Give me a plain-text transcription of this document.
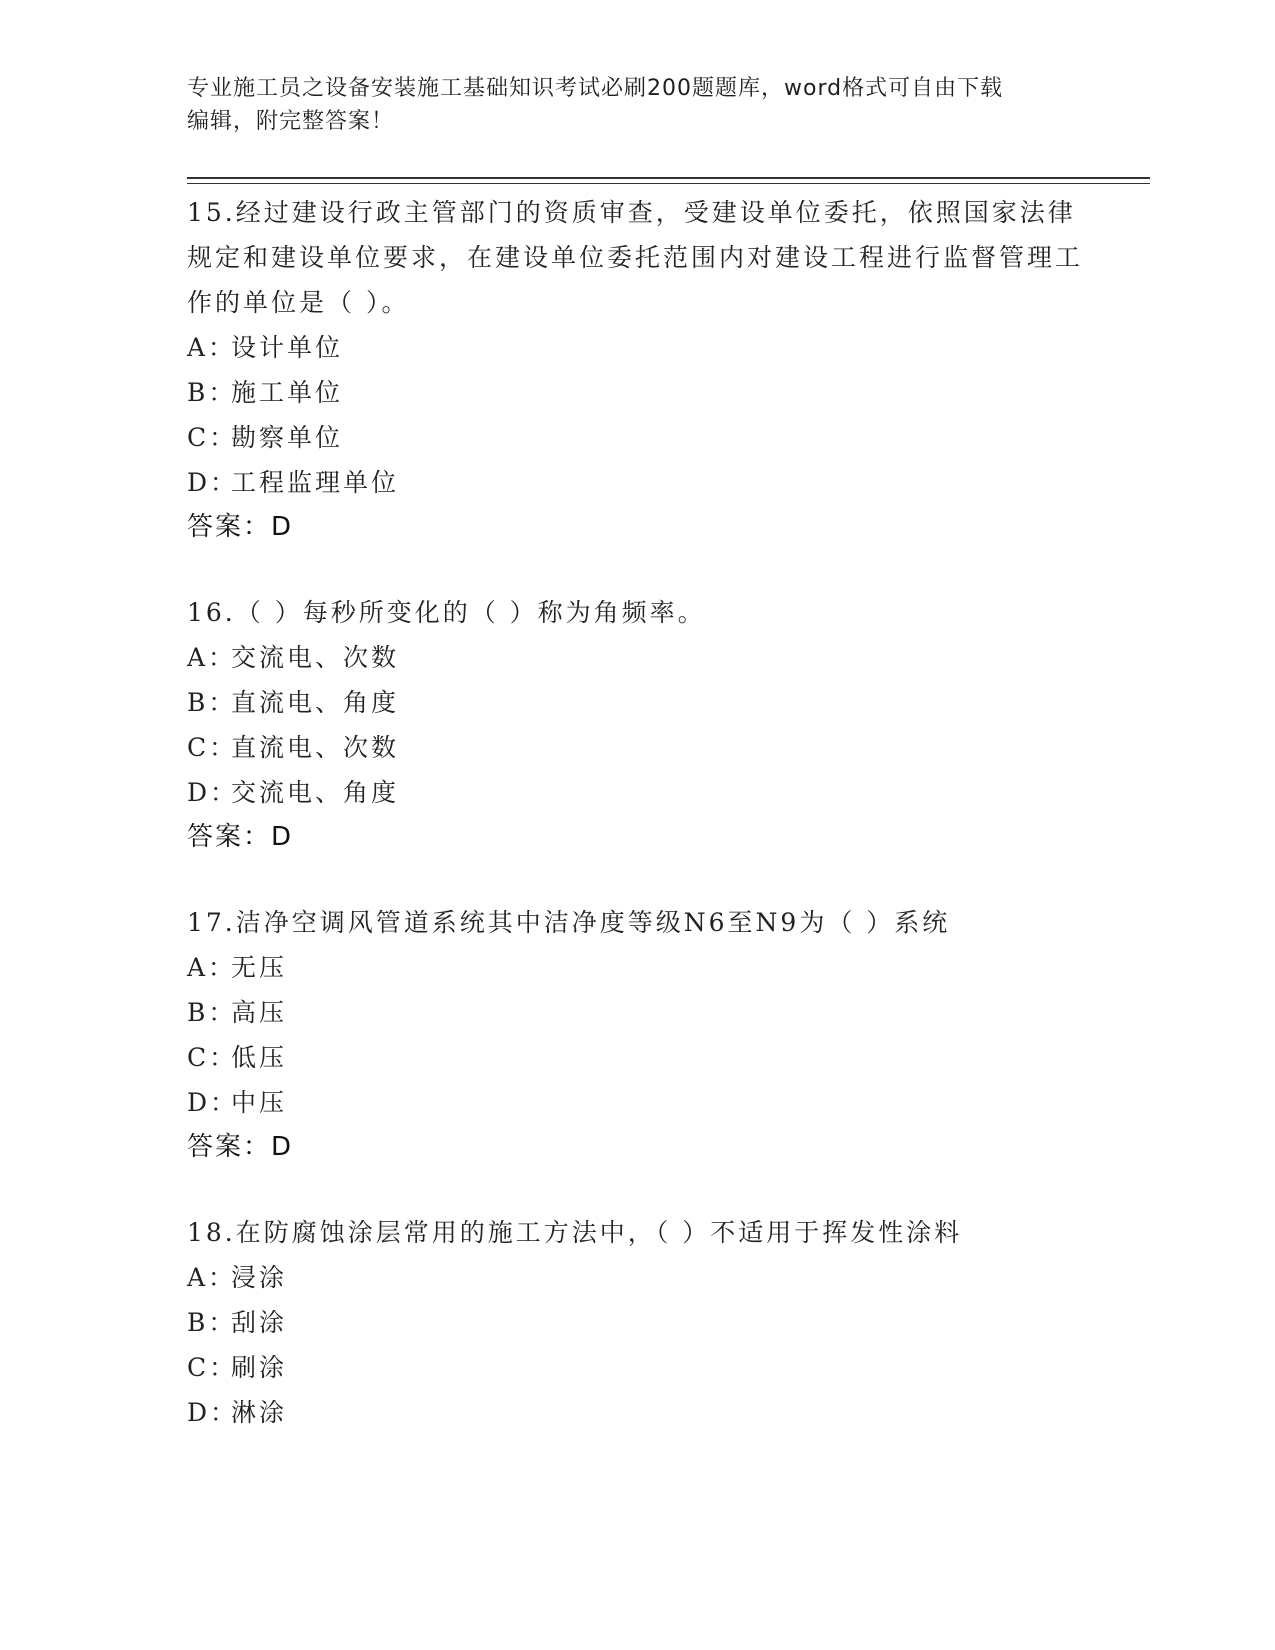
专业施工员之设备安装施工基础知识考试必刷200题题库，word格式可自由下载
编辑，附完整答案！
15.经过建设行政主管部门的资质审查，受建设单位委托，依照国家法律规定和建设单位要求，在建设单位委托范围内对建设工程进行监督管理工作的单位是（ ）。
A：设计单位
B：施工单位
C：勘察单位
D：工程监理单位
答案：D
16.（ ）每秒所变化的（ ）称为角频率。
A：交流电、次数
B：直流电、角度
C：直流电、次数
D：交流电、角度
答案：D
17.洁净空调风管道系统其中洁净度等级N6至N9为（ ）系统
A：无压
B：高压
C：低压
D：中压
答案：D
18.在防腐蚀涂层常用的施工方法中，（ ）不适用于挥发性涂料
A：浸涂
B：刮涂
C：刷涂
D：淋涂
